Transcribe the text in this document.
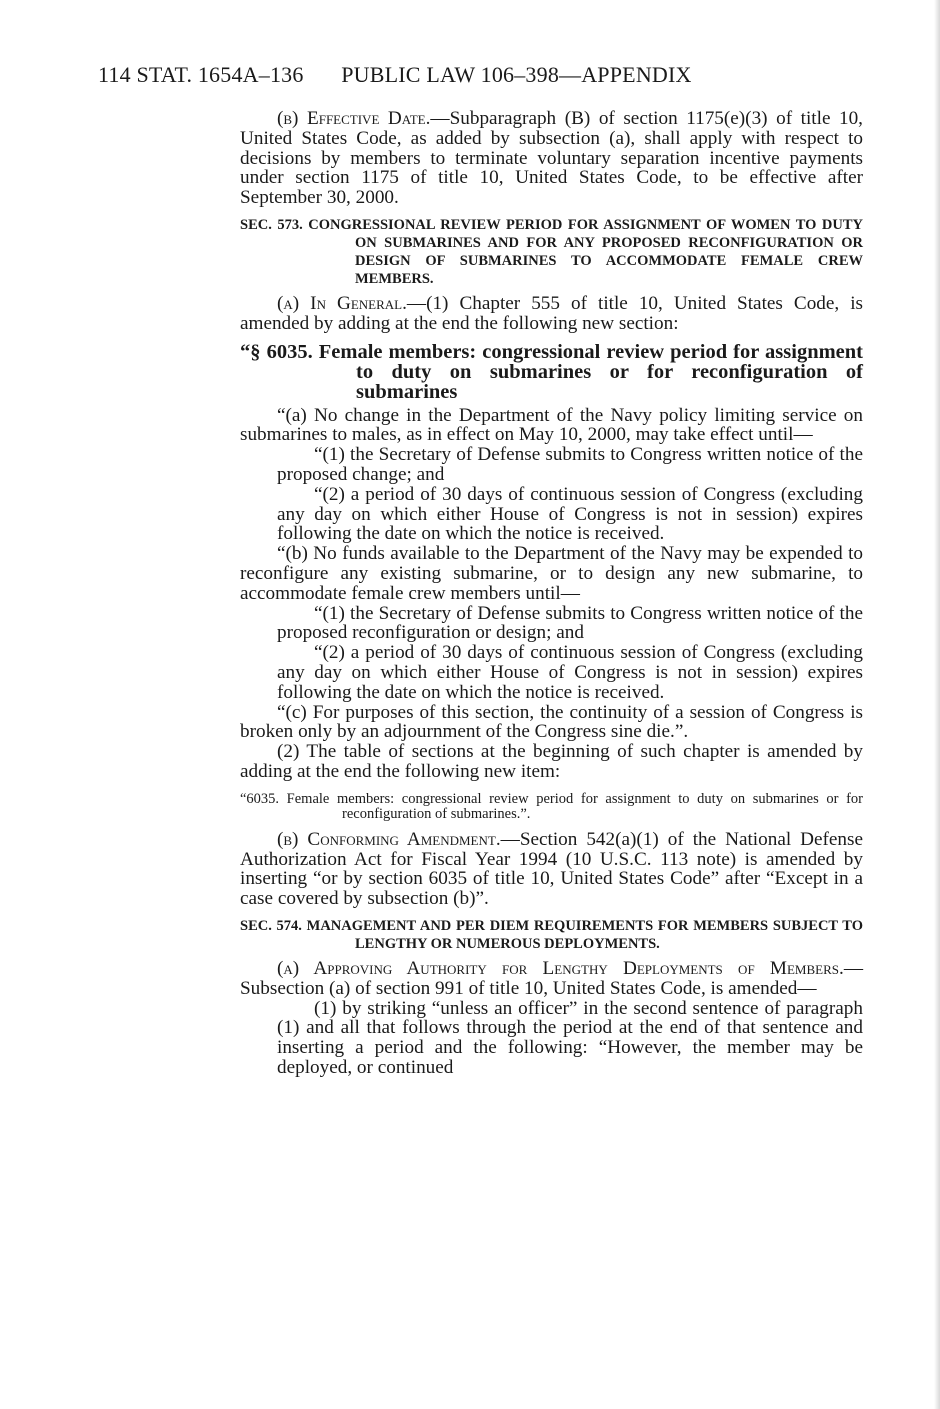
114 STAT. 1654A–136 PUBLIC LAW 106–398—APPENDIX

(b) Effective Date.—Subparagraph (B) of section 1175(e)(3) of title 10, United States Code, as added by subsection (a), shall apply with respect to decisions by members to terminate voluntary separation incentive payments under section 1175 of title 10, United States Code, to be effective after September 30, 2000.

SEC. 573. CONGRESSIONAL REVIEW PERIOD FOR ASSIGNMENT OF WOMEN TO DUTY ON SUBMARINES AND FOR ANY PROPOSED RECONFIGURATION OR DESIGN OF SUBMARINES TO ACCOMMODATE FEMALE CREW MEMBERS.

(a) In General.—(1) Chapter 555 of title 10, United States Code, is amended by adding at the end the following new section:

“§ 6035. Female members: congressional review period for assignment to duty on submarines or for reconfiguration of submarines

“(a) No change in the Department of the Navy policy limiting service on submarines to males, as in effect on May 10, 2000, may take effect until—

“(1) the Secretary of Defense submits to Congress written notice of the proposed change; and

“(2) a period of 30 days of continuous session of Congress (excluding any day on which either House of Congress is not in session) expires following the date on which the notice is received.

“(b) No funds available to the Department of the Navy may be expended to reconfigure any existing submarine, or to design any new submarine, to accommodate female crew members until—

“(1) the Secretary of Defense submits to Congress written notice of the proposed reconfiguration or design; and

“(2) a period of 30 days of continuous session of Congress (excluding any day on which either House of Congress is not in session) expires following the date on which the notice is received.

“(c) For purposes of this section, the continuity of a session of Congress is broken only by an adjournment of the Congress sine die.”.

(2) The table of sections at the beginning of such chapter is amended by adding at the end the following new item:

“6035. Female members: congressional review period for assignment to duty on submarines or for reconfiguration of submarines.”.

(b) Conforming Amendment.—Section 542(a)(1) of the National Defense Authorization Act for Fiscal Year 1994 (10 U.S.C. 113 note) is amended by inserting “or by section 6035 of title 10, United States Code” after “Except in a case covered by subsection (b)”.

SEC. 574. MANAGEMENT AND PER DIEM REQUIREMENTS FOR MEMBERS SUBJECT TO LENGTHY OR NUMEROUS DEPLOYMENTS.

(a) Approving Authority for Lengthy Deployments of Members.—Subsection (a) of section 991 of title 10, United States Code, is amended—

(1) by striking “unless an officer” in the second sentence of paragraph (1) and all that follows through the period at the end of that sentence and inserting a period and the following: “However, the member may be deployed, or continued
